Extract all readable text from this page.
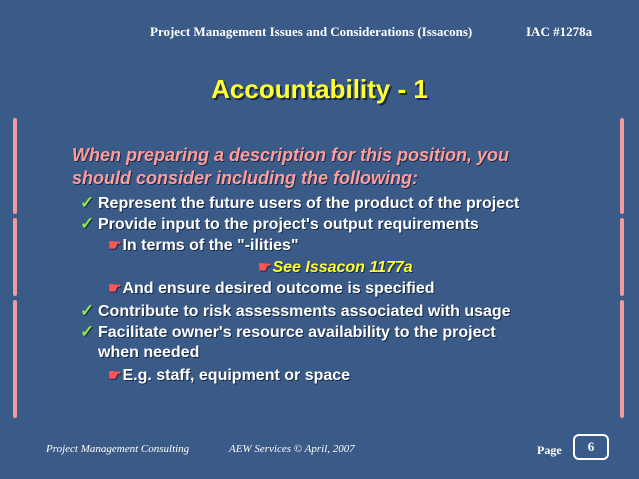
Project Management Issues and Considerations (Issacons)	IAC #1278a
Accountability - 1
When preparing a description for this position, you
should consider including the following:
✓ Represent the future users of the product of the project
✓ Provide input to the project's output requirements
☛In terms of the "-ilities"
☛See Issacon 1177a
☛And ensure desired outcome is specified
✓ Contribute to risk assessments associated with usage
✓ Facilitate owner's resource availability to the project
when needed
☛E.g. staff, equipment or space
Project Management Consulting	AEW Services © April, 2007	Page	6
